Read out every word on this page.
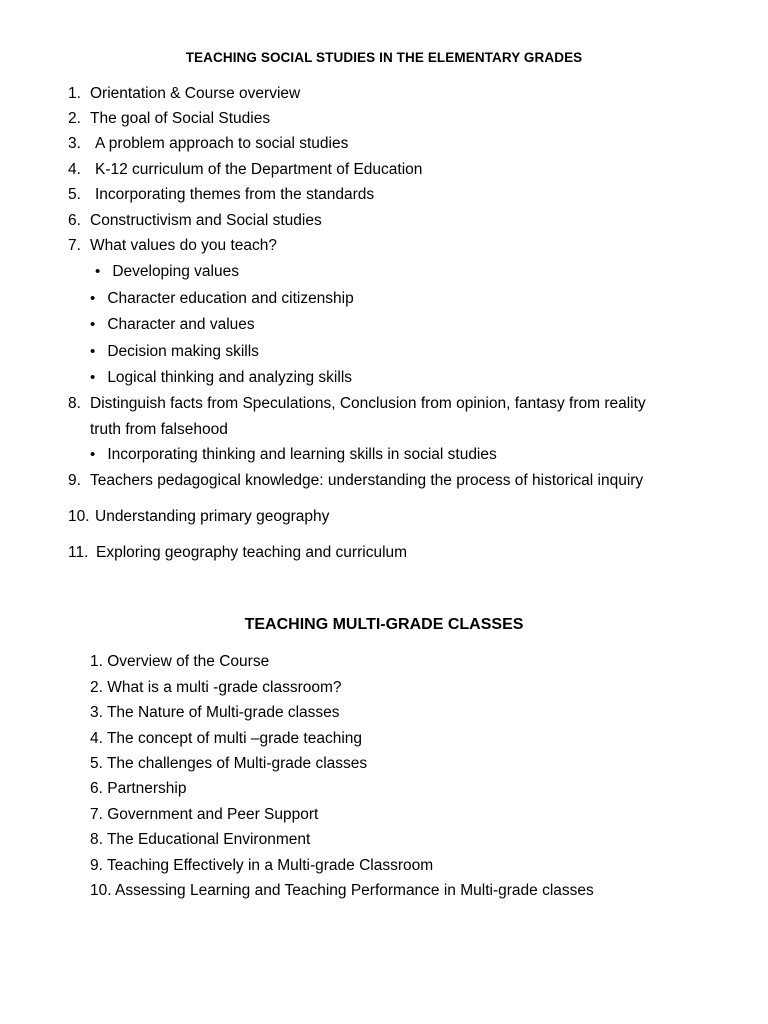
TEACHING SOCIAL STUDIES IN THE ELEMENTARY GRADES
1. Orientation & Course overview
2. The goal of Social Studies
3. A problem approach to social studies
4. K-12 curriculum of the Department of Education
5. Incorporating themes from the standards
6. Constructivism and Social studies
7. What values do you teach?
• Developing values
• Character education and citizenship
• Character and values
• Decision making skills
• Logical thinking and analyzing skills
8. Distinguish facts from Speculations, Conclusion from opinion, fantasy from reality
truth from falsehood
• Incorporating thinking and learning skills in social studies
9. Teachers pedagogical knowledge: understanding the process of historical inquiry
10. Understanding primary geography
11. Exploring geography teaching and curriculum
TEACHING MULTI-GRADE CLASSES
1. Overview of the Course
2. What is a multi -grade classroom?
3. The Nature of Multi-grade classes
4. The concept of multi –grade teaching
5. The challenges of Multi-grade classes
6. Partnership
7. Government and Peer Support
8. The Educational Environment
9. Teaching Effectively in a Multi-grade Classroom
10. Assessing Learning and Teaching Performance in Multi-grade classes
